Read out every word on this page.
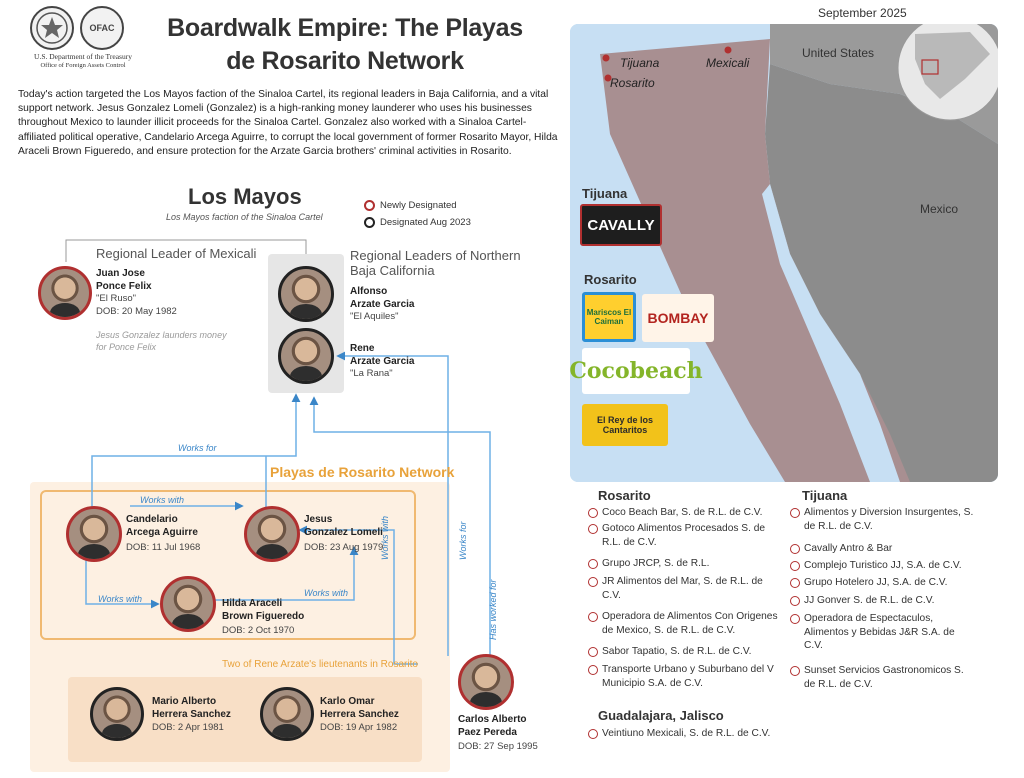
OFAC
U.S. Department of the Treasury
Office of Foreign Assets Control
Boardwalk Empire: The Playas
de Rosarito Network
Today's action targeted the Los Mayos faction of the Sinaloa Cartel, its regional leaders in Baja California, and a vital support network. Jesus Gonzalez Lomeli (Gonzalez) is a high-ranking money launderer who uses his businesses throughout Mexico to launder illicit proceeds for the Sinaloa Cartel. Gonzalez also worked with a Sinaloa Cartel-affiliated political operative, Candelario Arcega Aguirre, to corrupt the local government of former Rosarito Mayor, Hilda Araceli Brown Figueredo, and ensure protection for the Arzate Garcia brothers' criminal activities in Rosarito.
Los Mayos
Los Mayos faction of the Sinaloa Cartel
Newly Designated
Designated Aug 2023
Regional Leader of Mexicali
Juan Jose
Ponce Felix
"El Ruso"
DOB: 20 May 1982
Jesus Gonzalez launders money
for Ponce Felix
Regional Leaders of Northern
Baja California
Alfonso
Arzate Garcia
"El Aquiles"
Rene
Arzate Garcia
"La Rana"
Works for
Playas de Rosarito Network
Works with
Works with
Works with
Works with	Works for
Has worked for
Candelario
Arcega Aguirre
DOB: 11 Jul 1968
Jesus
Gonzalez Lomeli
DOB: 23 Aug 1979
Hilda Araceli
Brown Figueredo
DOB: 2 Oct 1970
Two of Rene Arzate's lieutenants in Rosarito
Mario Alberto
Herrera Sanchez
DOB: 2 Apr 1981
Karlo Omar
Herrera Sanchez
DOB: 19 Apr 1982
Carlos Alberto
Paez Pereda
DOB: 27 Sep 1995
September 2025
United States
Mexico
Tijuana
Rosarito
Mexicali
Tijuana
CAVALLY
Rosarito
Mariscos El Caiman	BOMBAY
Cocobeach
El Rey de los Cantaritos
Rosarito
Coco Beach Bar, S. de R.L. de C.V.
Gotoco Alimentos Procesados S. de R.L. de C.V.
Grupo JRCP, S. de R.L.
JR Alimentos del Mar, S. de R.L. de C.V.
Operadora de Alimentos Con Origenes de Mexico, S. de R.L. de C.V.
Sabor Tapatio, S. de R.L. de C.V.
Transporte Urbano y Suburbano del V Municipio S.A. de C.V.
Guadalajara, Jalisco
Veintiuno Mexicali, S. de R.L. de C.V.
Tijuana
Alimentos y Diversion Insurgentes, S. de R.L. de C.V.
Cavally Antro & Bar
Complejo Turistico JJ, S.A. de C.V.
Grupo Hotelero JJ, S.A. de C.V.
JJ Gonver S. de R.L. de C.V.
Operadora de Espectaculos, Alimentos y Bebidas J&R S.A. de C.V.
Sunset Servicios Gastronomicos S. de R.L. de C.V.
